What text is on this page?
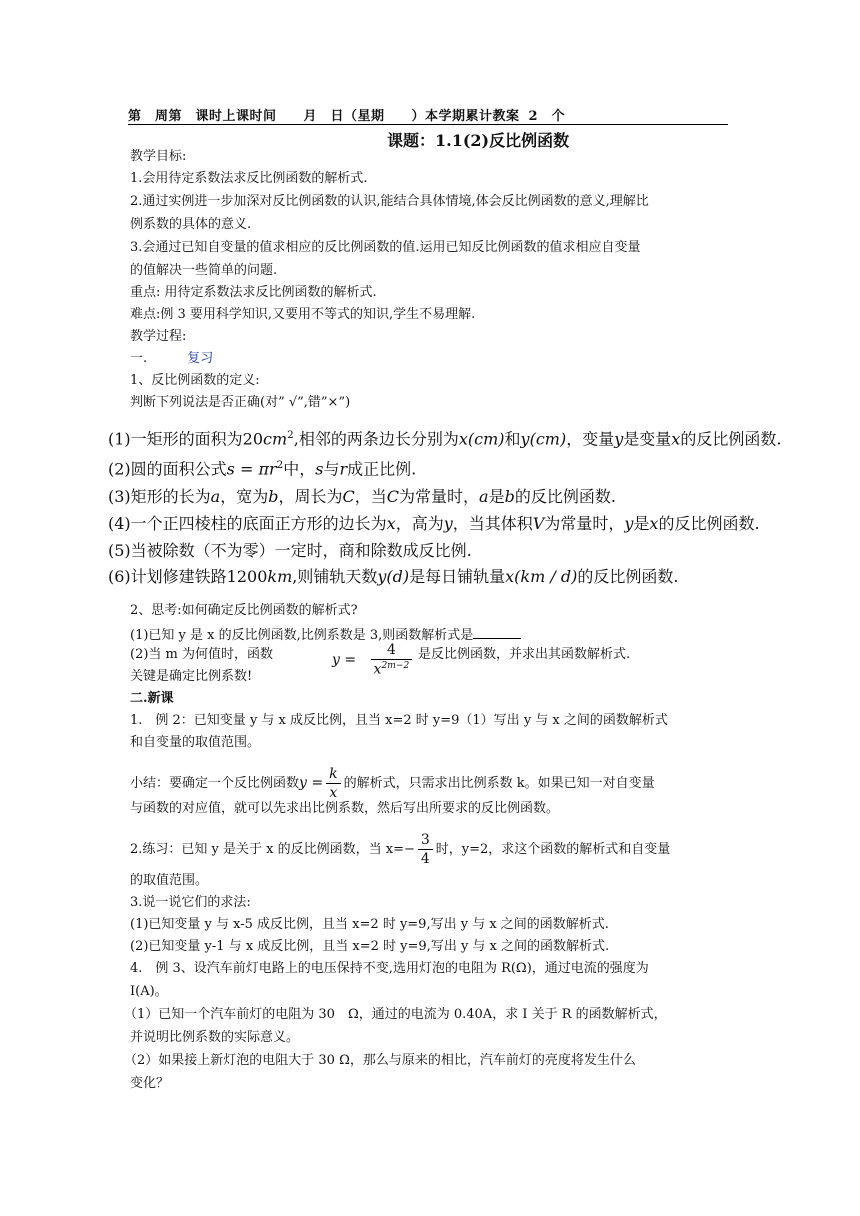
第　周第　课时上课时间　　月　日（星期　　）本学期累计教案 2　个
课题：1.1(2)反比例函数
教学目标:
1.会用待定系数法求反比例函数的解析式.
2.通过实例进一步加深对反比例函数的认识,能结合具体情境,体会反比例函数的意义,理解比
例系数的具体的意义.
3.会通过已知自变量的值求相应的反比例函数的值.运用已知反比例函数的值求相应自变量
的值解决一些简单的问题.
重点: 用待定系数法求反比例函数的解析式.
难点:例 3 要用科学知识,又要用不等式的知识,学生不易理解.
教学过程:
一.	复习
1、反比例函数的定义:
判断下列说法是否正确(对” √”,错”×”)
(1)一矩形的面积为$20cm^2$,相邻的两条边长分别为x(cm)和y(cm)，变量y是变量x的反比例函数.
(2)圆的面积公式$s = \pi r^2$中，s与r成正比例.
(3)矩形的长为a，宽为b，周长为C，当C为常量时，a是b的反比例函数.
(4)一个正四棱柱的底面正方形的边长为x，高为y，当其体积V为常量时，y是x的反比例函数.
(5)当被除数（不为零）一定时，商和除数成反比例.
(6)计划修建铁路1200km,则铺轨天数y(d)是每日铺轨量x(km / d)的反比例函数.
2、思考:如何确定反比例函数的解析式?
(1)已知 y 是 x 的反比例函数,比例系数是 3,则函数解析式是
(2)当 m 为何值时，函数	$y = \frac{4}{x^{2m-2}}$ 是反比例函数，并求出其函数解析式.
关键是确定比例系数!
二.新课
1.　例 2：已知变量 y 与 x 成反比例，且当 x=2 时 y=9（1）写出 y 与 x 之间的函数解析式
和自变量的取值范围。
小结：要确定一个反比例函数$y = \frac{k}{x}$ 的解析式，只需求出比例系数 k。如果已知一对自变量
与函数的对应值，就可以先求出比例系数，然后写出所要求的反比例函数。
2.练习：已知 y 是关于 x 的反比例函数，当 $x=- \frac{3}{4}$ 时，y=2，求这个函数的解析式和自变量
的取值范围。
3.说一说它们的求法:
(1)已知变量 y 与 x-5 成反比例，且当 x=2 时 y=9,写出 y 与 x 之间的函数解析式.
(2)已知变量 y-1 与 x 成反比例，且当 x=2 时 y=9,写出 y 与 x 之间的函数解析式.
4.　例 3、设汽车前灯电路上的电压保持不变,选用灯泡的电阻为 R(Ω)，通过电流的强度为
I(A)。
（1）已知一个汽车前灯的电阻为 30　Ω，通过的电流为 0.40A，求 I 关于 R 的函数解析式，
并说明比例系数的实际意义。
（2）如果接上新灯泡的电阻大于 30 Ω，那么与原来的相比，汽车前灯的亮度将发生什么
变化？
